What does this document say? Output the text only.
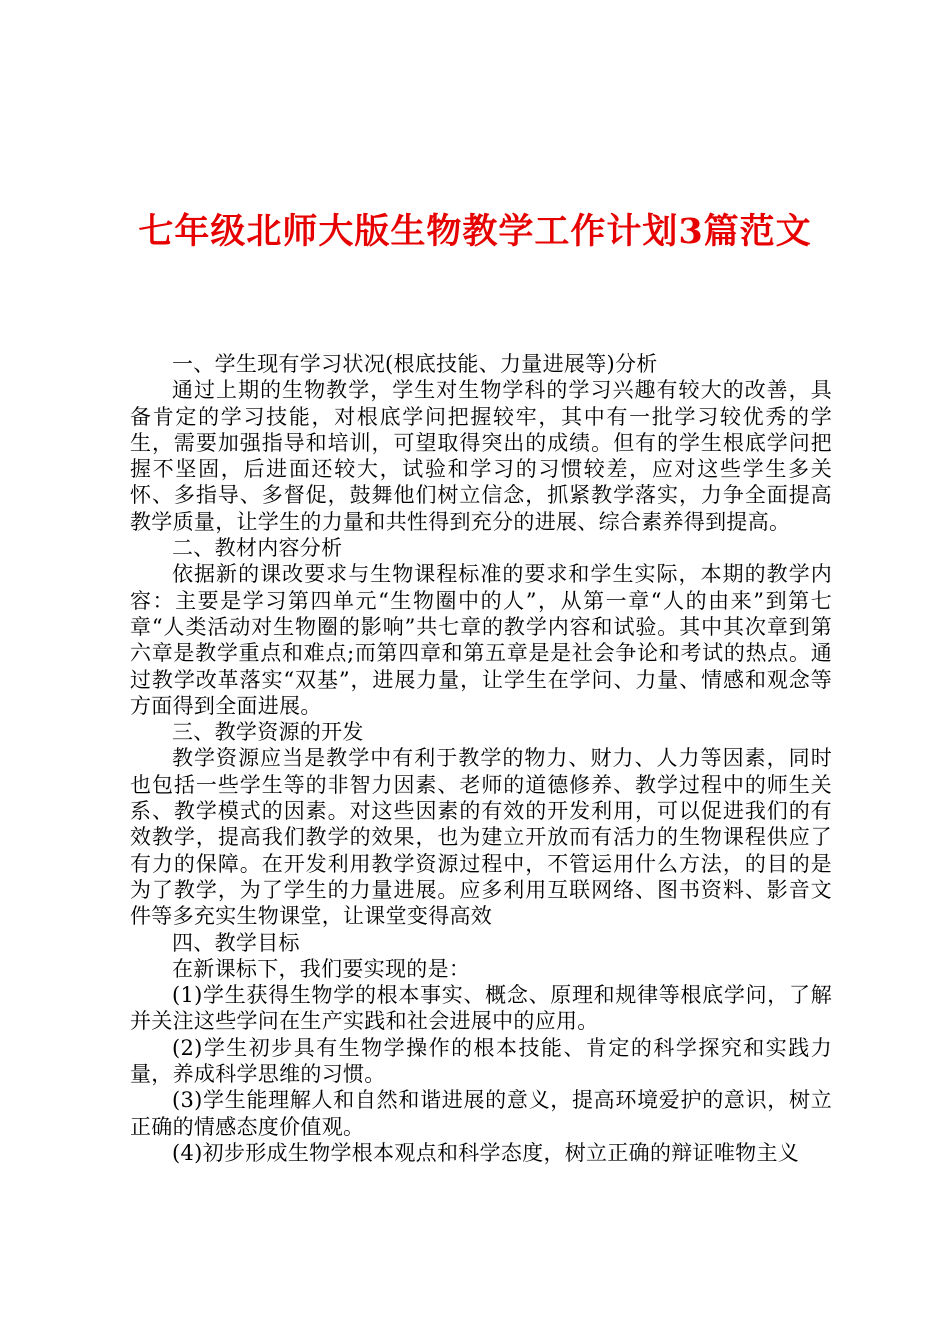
七年级北师大版生物教学工作计划3篇范文

一、学生现有学习状况(根底技能、力量进展等)分析

通过上期的生物教学，学生对生物学科的学习兴趣有较大的改善，具备肯定的学习技能，对根底学问把握较牢，其中有一批学习较优秀的学生，需要加强指导和培训，可望取得突出的成绩。但有的学生根底学问把握不坚固，后进面还较大，试验和学习的习惯较差，应对这些学生多关怀、多指导、多督促，鼓舞他们树立信念，抓紧教学落实，力争全面提高教学质量，让学生的力量和共性得到充分的进展、综合素养得到提高。

二、教材内容分析

依据新的课改要求与生物课程标准的要求和学生实际，本期的教学内容：主要是学习第四单元“生物圈中的人”，从第一章“人的由来”到第七章“人类活动对生物圈的影响”共七章的教学内容和试验。其中其次章到第六章是教学重点和难点;而第四章和第五章是是社会争论和考试的热点。通过教学改革落实“双基”，进展力量，让学生在学问、力量、情感和观念等方面得到全面进展。

三、教学资源的开发

教学资源应当是教学中有利于教学的物力、财力、人力等因素，同时也包括一些学生等的非智力因素、老师的道德修养、教学过程中的师生关系、教学模式的因素。对这些因素的有效的开发利用，可以促进我们的有效教学，提高我们教学的效果，也为建立开放而有活力的生物课程供应了有力的保障。在开发利用教学资源过程中，不管运用什么方法，的目的是为了教学，为了学生的力量进展。应多利用互联网络、图书资料、影音文件等多充实生物课堂，让课堂变得高效

四、教学目标

在新课标下，我们要实现的是：

(1)学生获得生物学的根本事实、概念、原理和规律等根底学问，了解并关注这些学问在生产实践和社会进展中的应用。

(2)学生初步具有生物学操作的根本技能、肯定的科学探究和实践力量，养成科学思维的习惯。

(3)学生能理解人和自然和谐进展的意义，提高环境爱护的意识，树立正确的情感态度价值观。

(4)初步形成生物学根本观点和科学态度，树立正确的辩证唯物主义
